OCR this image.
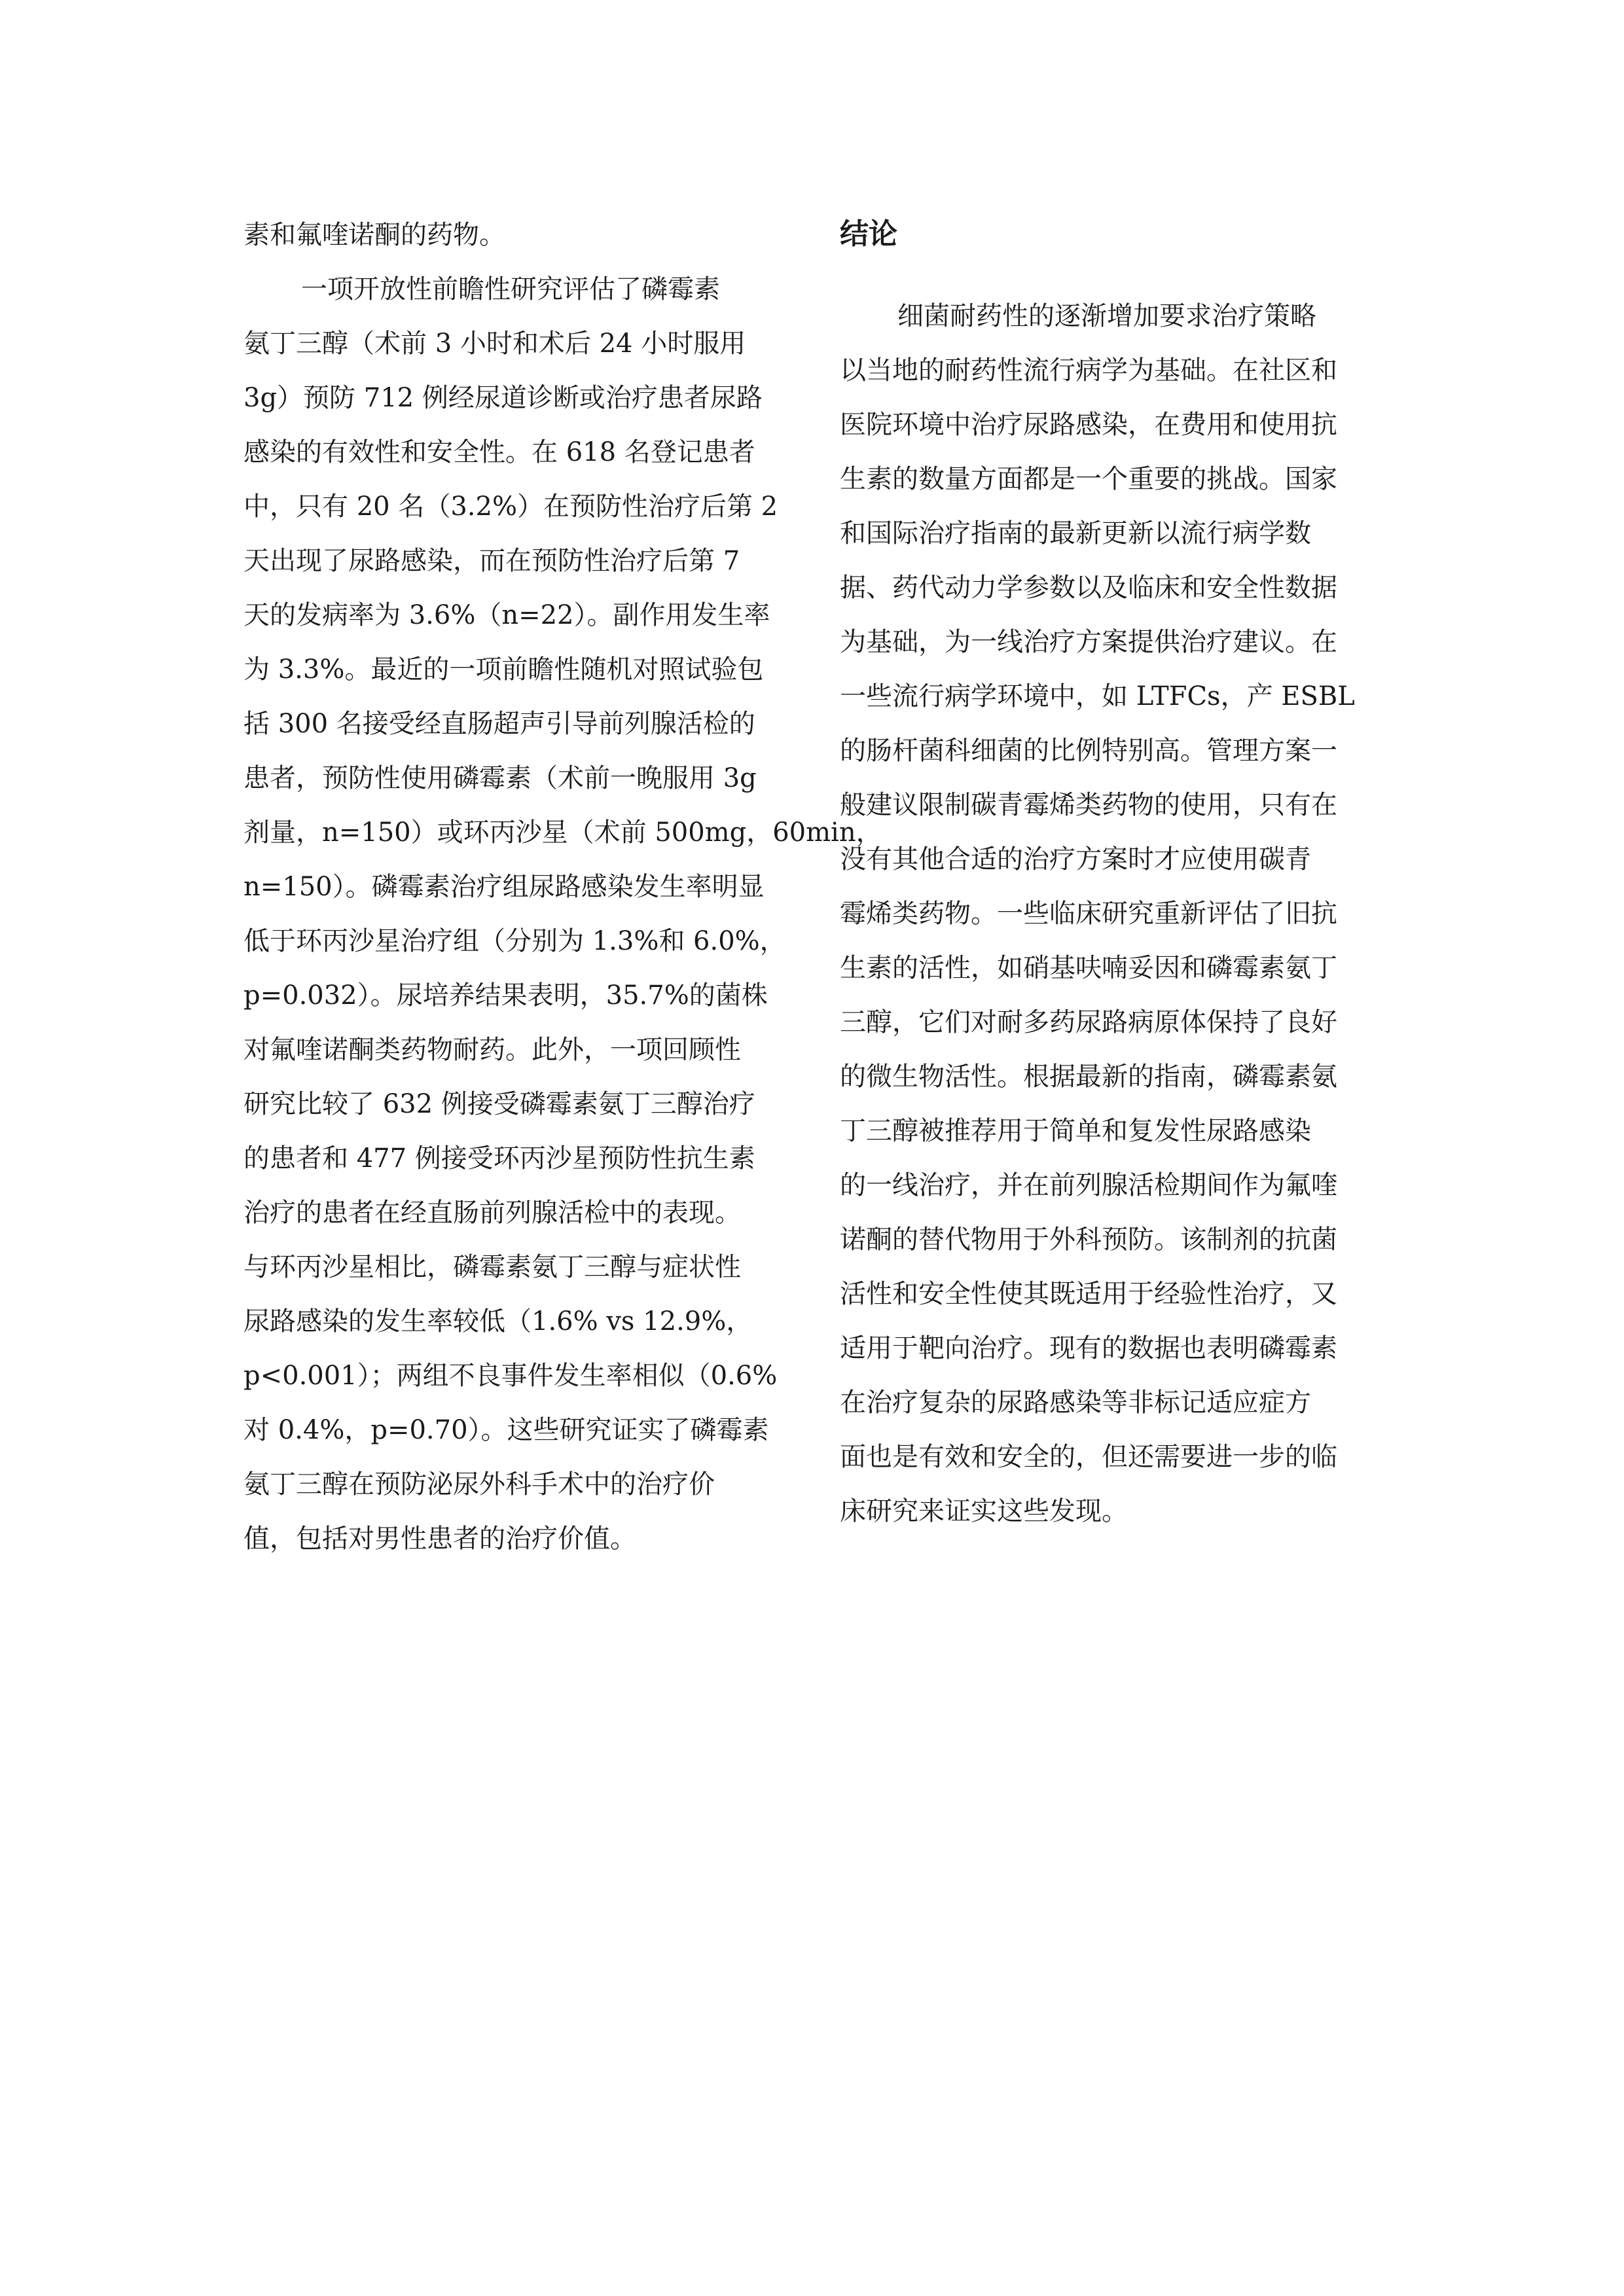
素和氟喹诺酮的药物。
一项开放性前瞻性研究评估了磷霉素
氨丁三醇（术前 3 小时和术后 24 小时服用
3g）预防 712 例经尿道诊断或治疗患者尿路
感染的有效性和安全性。在 618 名登记患者
中，只有 20 名（3.2%）在预防性治疗后第 2
天出现了尿路感染，而在预防性治疗后第 7
天的发病率为 3.6%（n=22）。副作用发生率
为 3.3%。最近的一项前瞻性随机对照试验包
括 300 名接受经直肠超声引导前列腺活检的
患者，预防性使用磷霉素（术前一晚服用 3g
剂量，n=150）或环丙沙星（术前 500mg，60min，
n=150）。磷霉素治疗组尿路感染发生率明显
低于环丙沙星治疗组（分别为 1.3%和 6.0%，
p=0.032）。尿培养结果表明，35.7%的菌株
对氟喹诺酮类药物耐药。此外，一项回顾性
研究比较了 632 例接受磷霉素氨丁三醇治疗
的患者和 477 例接受环丙沙星预防性抗生素
治疗的患者在经直肠前列腺活检中的表现。
与环丙沙星相比，磷霉素氨丁三醇与症状性
尿路感染的发生率较低（1.6% vs 12.9%，
p<0.001）；两组不良事件发生率相似（0.6%
对 0.4%，p=0.70）。这些研究证实了磷霉素
氨丁三醇在预防泌尿外科手术中的治疗价
值，包括对男性患者的治疗价值。
结论
细菌耐药性的逐渐增加要求治疗策略
以当地的耐药性流行病学为基础。在社区和
医院环境中治疗尿路感染，在费用和使用抗
生素的数量方面都是一个重要的挑战。国家
和国际治疗指南的最新更新以流行病学数
据、药代动力学参数以及临床和安全性数据
为基础，为一线治疗方案提供治疗建议。在
一些流行病学环境中，如 LTFCs，产 ESBL
的肠杆菌科细菌的比例特别高。管理方案一
般建议限制碳青霉烯类药物的使用，只有在
没有其他合适的治疗方案时才应使用碳青
霉烯类药物。一些临床研究重新评估了旧抗
生素的活性，如硝基呋喃妥因和磷霉素氨丁
三醇，它们对耐多药尿路病原体保持了良好
的微生物活性。根据最新的指南，磷霉素氨
丁三醇被推荐用于简单和复发性尿路感染
的一线治疗，并在前列腺活检期间作为氟喹
诺酮的替代物用于外科预防。该制剂的抗菌
活性和安全性使其既适用于经验性治疗，又
适用于靶向治疗。现有的数据也表明磷霉素
在治疗复杂的尿路感染等非标记适应症方
面也是有效和安全的，但还需要进一步的临
床研究来证实这些发现。
